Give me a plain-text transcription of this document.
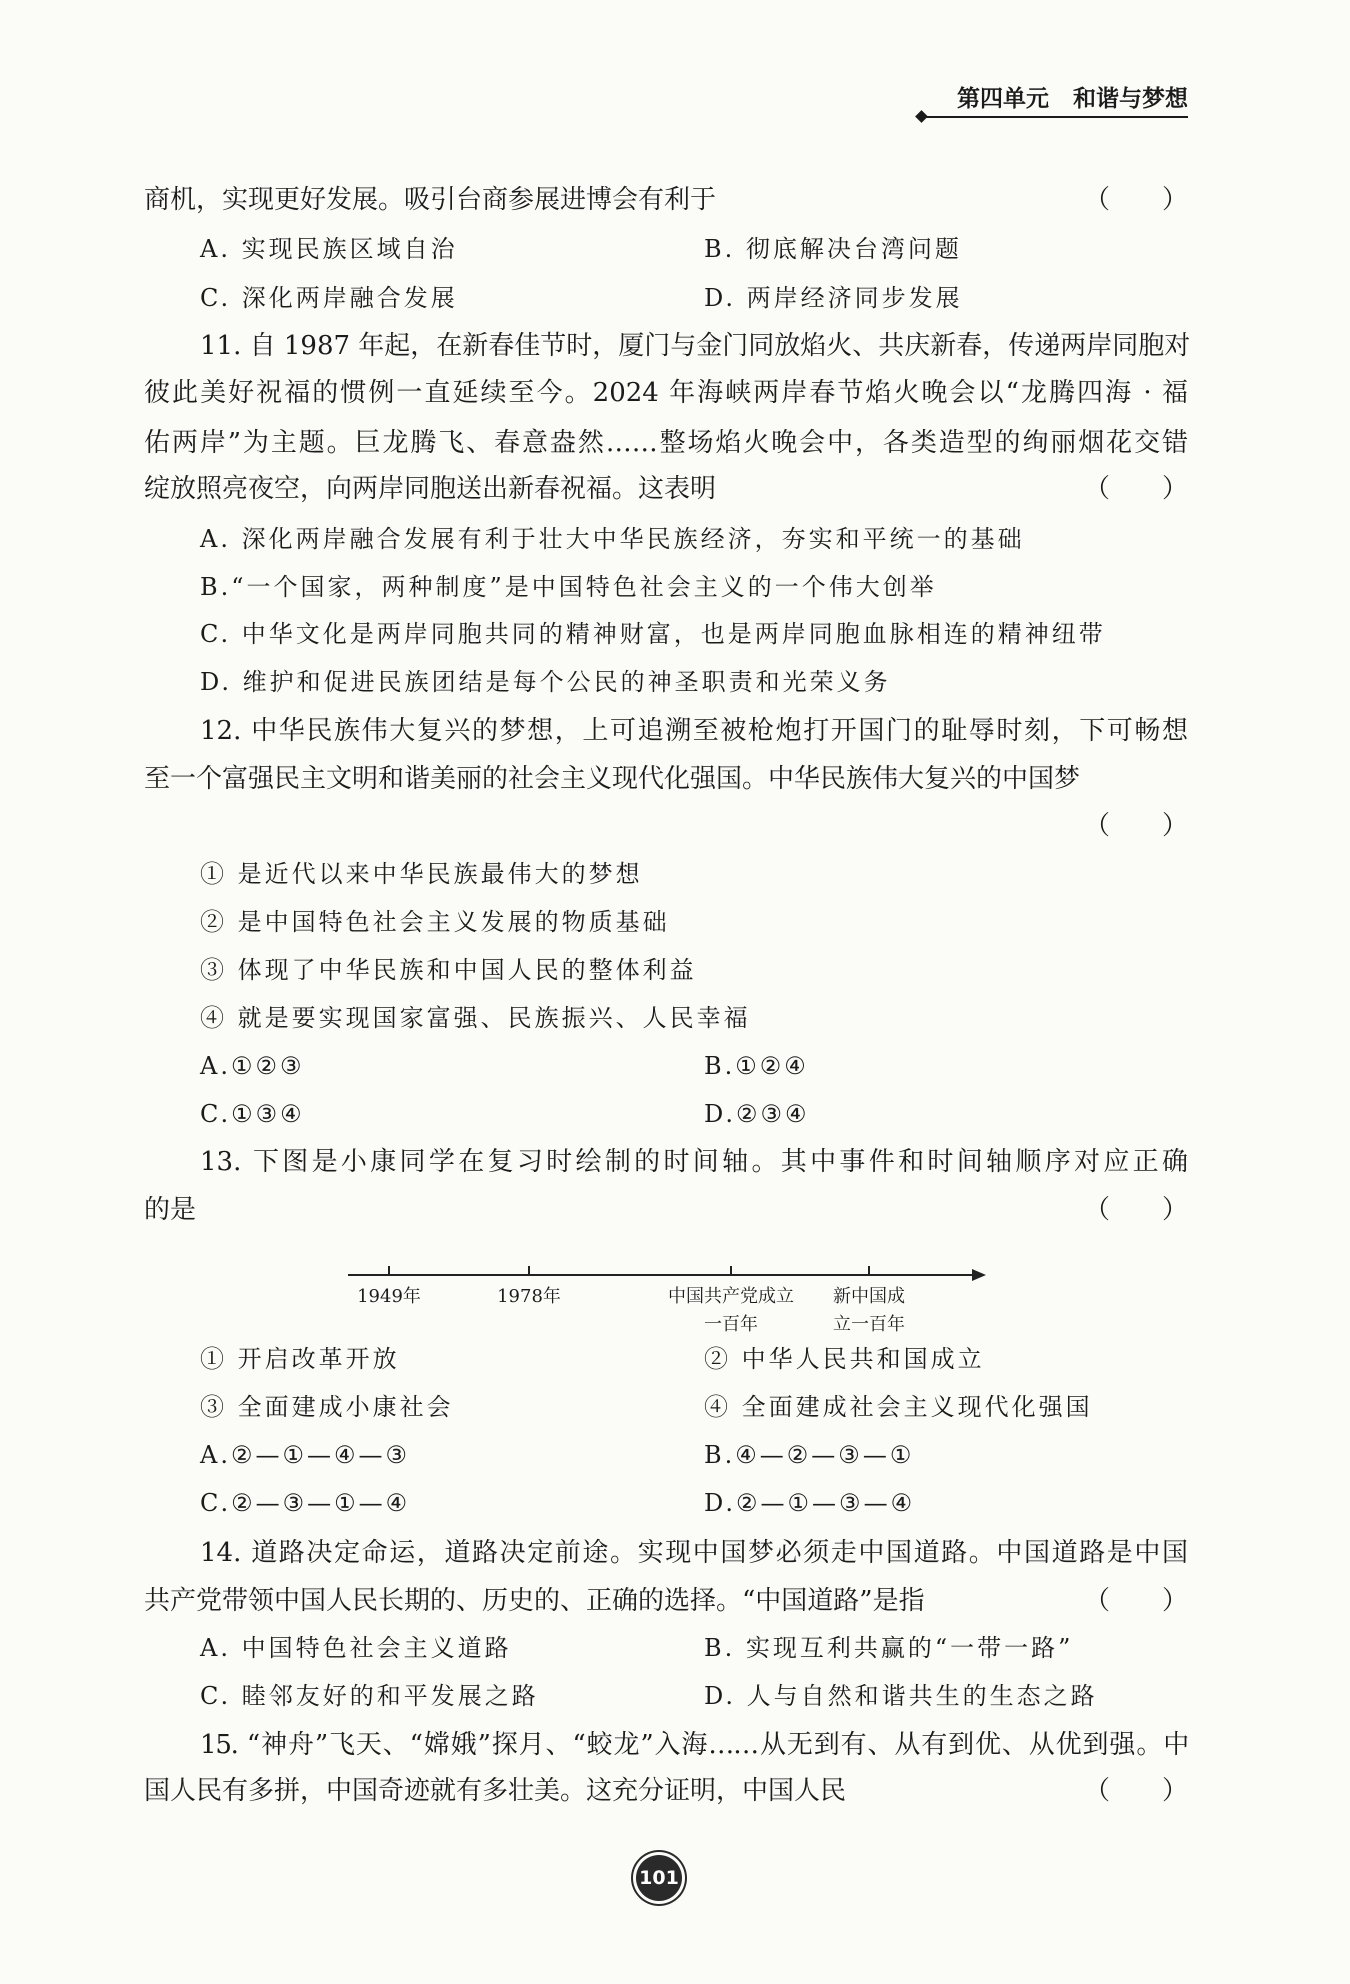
第四单元 和谐与梦想
商机，实现更好发展。吸引台商参展进博会有利于	（　　）
A. 实现民族区域自治	B. 彻底解决台湾问题
C. 深化两岸融合发展	D. 两岸经济同步发展
11. 自 1987 年起，在新春佳节时，厦门与金门同放焰火、共庆新春，传递两岸同胞对
彼此美好祝福的惯例一直延续至今。2024 年海峡两岸春节焰火晚会以“龙腾四海 · 福
佑两岸”为主题。巨龙腾飞、春意盎然……整场焰火晚会中，各类造型的绚丽烟花交错
绽放照亮夜空，向两岸同胞送出新春祝福。这表明	（　　）
A. 深化两岸融合发展有利于壮大中华民族经济，夯实和平统一的基础
B.“一个国家，两种制度”是中国特色社会主义的一个伟大创举
C. 中华文化是两岸同胞共同的精神财富，也是两岸同胞血脉相连的精神纽带
D. 维护和促进民族团结是每个公民的神圣职责和光荣义务
12. 中华民族伟大复兴的梦想，上可追溯至被枪炮打开国门的耻辱时刻，下可畅想
至一个富强民主文明和谐美丽的社会主义现代化强国。中华民族伟大复兴的中国梦
（　　）
① 是近代以来中华民族最伟大的梦想
② 是中国特色社会主义发展的物质基础
③ 体现了中华民族和中国人民的整体利益
④ 就是要实现国家富强、民族振兴、人民幸福
A.①②③	B.①②④
C.①③④	D.②③④
13. 下图是小康同学在复习时绘制的时间轴。其中事件和时间轴顺序对应正确
的是	（　　）
1949年	1978年	中国共产党成立
一百年
新中国成
立一百年
① 开启改革开放	② 中华人民共和国成立
③ 全面建成小康社会	④ 全面建成社会主义现代化强国
A.②—①—④—③	B.④—②—③—①
C.②—③—①—④	D.②—①—③—④
14. 道路决定命运，道路决定前途。实现中国梦必须走中国道路。中国道路是中国
共产党带领中国人民长期的、历史的、正确的选择。“中国道路”是指	（　　）
A. 中国特色社会主义道路	B. 实现互利共赢的“一带一路”
C. 睦邻友好的和平发展之路	D. 人与自然和谐共生的生态之路
15. “神舟”飞天、“嫦娥”探月、“蛟龙”入海……从无到有、从有到优、从优到强。中
国人民有多拼，中国奇迹就有多壮美。这充分证明，中国人民	（　　）
101
